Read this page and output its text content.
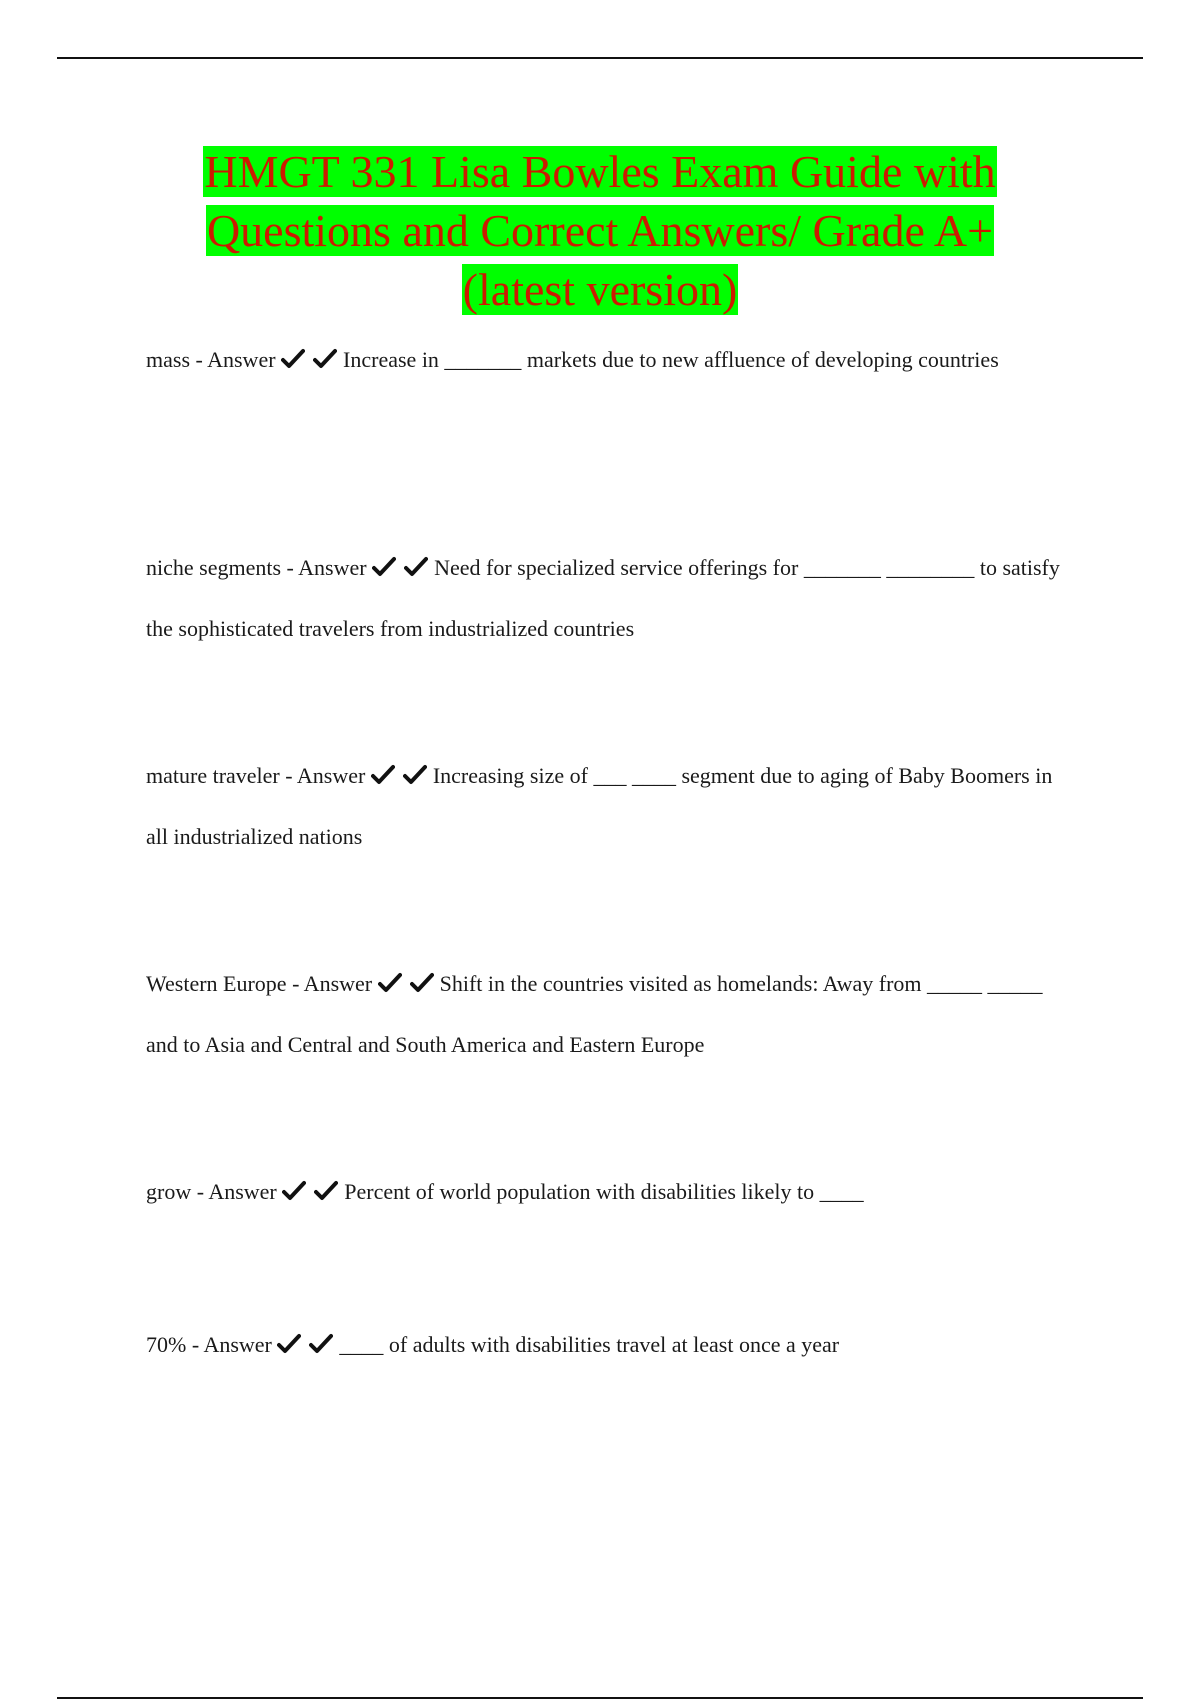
HMGT 331 Lisa Bowles Exam Guide with
Questions and Correct Answers/ Grade A+
(latest version)

mass - Answer	Increase in _______ markets due to new affluence of developing countries

niche segments - Answer	Need for specialized service offerings for _______ ________ to satisfy the sophisticated travelers from industrialized countries

mature traveler - Answer	Increasing size of ___ ____ segment due to aging of Baby Boomers in all industrialized nations

Western Europe - Answer	Shift in the countries visited as homelands: Away from _____ _____ and to Asia and Central and South America and Eastern Europe

grow - Answer	Percent of world population with disabilities likely to ____

70% - Answer	____ of adults with disabilities travel at least once a year
